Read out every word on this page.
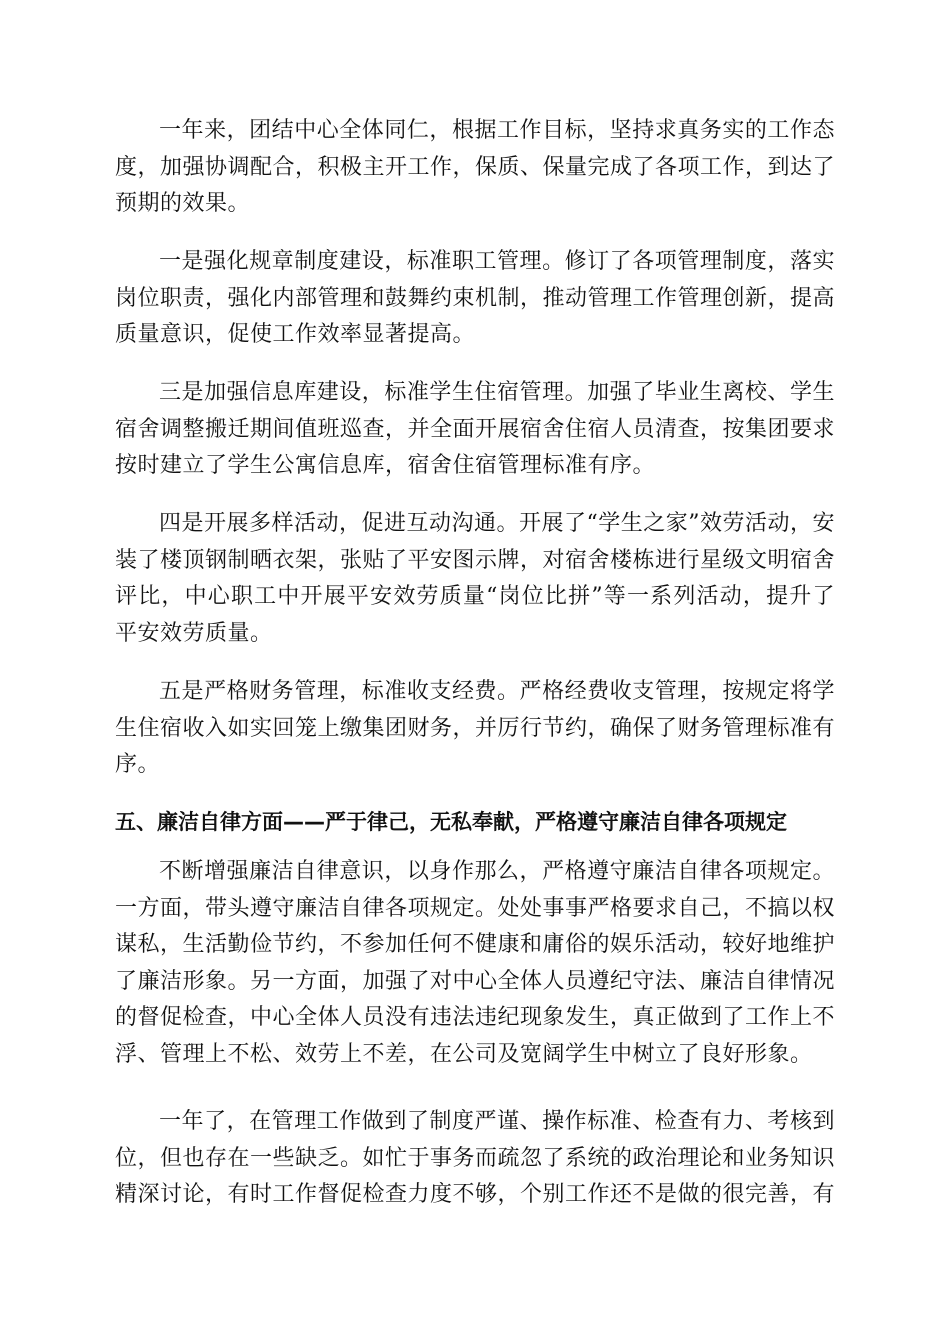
一年来，团结中心全体同仁，根据工作目标，坚持求真务实的工作态度，加强协调配合，积极主开工作，保质、保量完成了各项工作，到达了预期的效果。

一是强化规章制度建设，标准职工管理。修订了各项管理制度，落实岗位职责，强化内部管理和鼓舞约束机制，推动管理工作管理创新，提高质量意识，促使工作效率显著提高。

三是加强信息库建设，标准学生住宿管理。加强了毕业生离校、学生宿舍调整搬迁期间值班巡查，并全面开展宿舍住宿人员清查，按集团要求按时建立了学生公寓信息库，宿舍住宿管理标准有序。

四是开展多样活动，促进互动沟通。开展了“学生之家”效劳活动，安装了楼顶钢制晒衣架，张贴了平安图示牌，对宿舍楼栋进行星级文明宿舍评比，中心职工中开展平安效劳质量“岗位比拼”等一系列活动，提升了平安效劳质量。

五是严格财务管理，标准收支经费。严格经费收支管理，按规定将学生住宿收入如实回笼上缴集团财务，并厉行节约，确保了财务管理标准有序。

五、廉洁自律方面——严于律己，无私奉献，严格遵守廉洁自律各项规定

不断增强廉洁自律意识，以身作那么，严格遵守廉洁自律各项规定。一方面，带头遵守廉洁自律各项规定。处处事事严格要求自己，不搞以权谋私，生活勤俭节约，不参加任何不健康和庸俗的娱乐活动，较好地维护了廉洁形象。另一方面，加强了对中心全体人员遵纪守法、廉洁自律情况的督促检查，中心全体人员没有违法违纪现象发生，真正做到了工作上不浮、管理上不松、效劳上不差，在公司及宽阔学生中树立了良好形象。

一年了，在管理工作做到了制度严谨、操作标准、检查有力、考核到位，但也存在一些缺乏。如忙于事务而疏忽了系统的政治理论和业务知识精深讨论，有时工作督促检查力度不够，个别工作还不是做的很完善，有
